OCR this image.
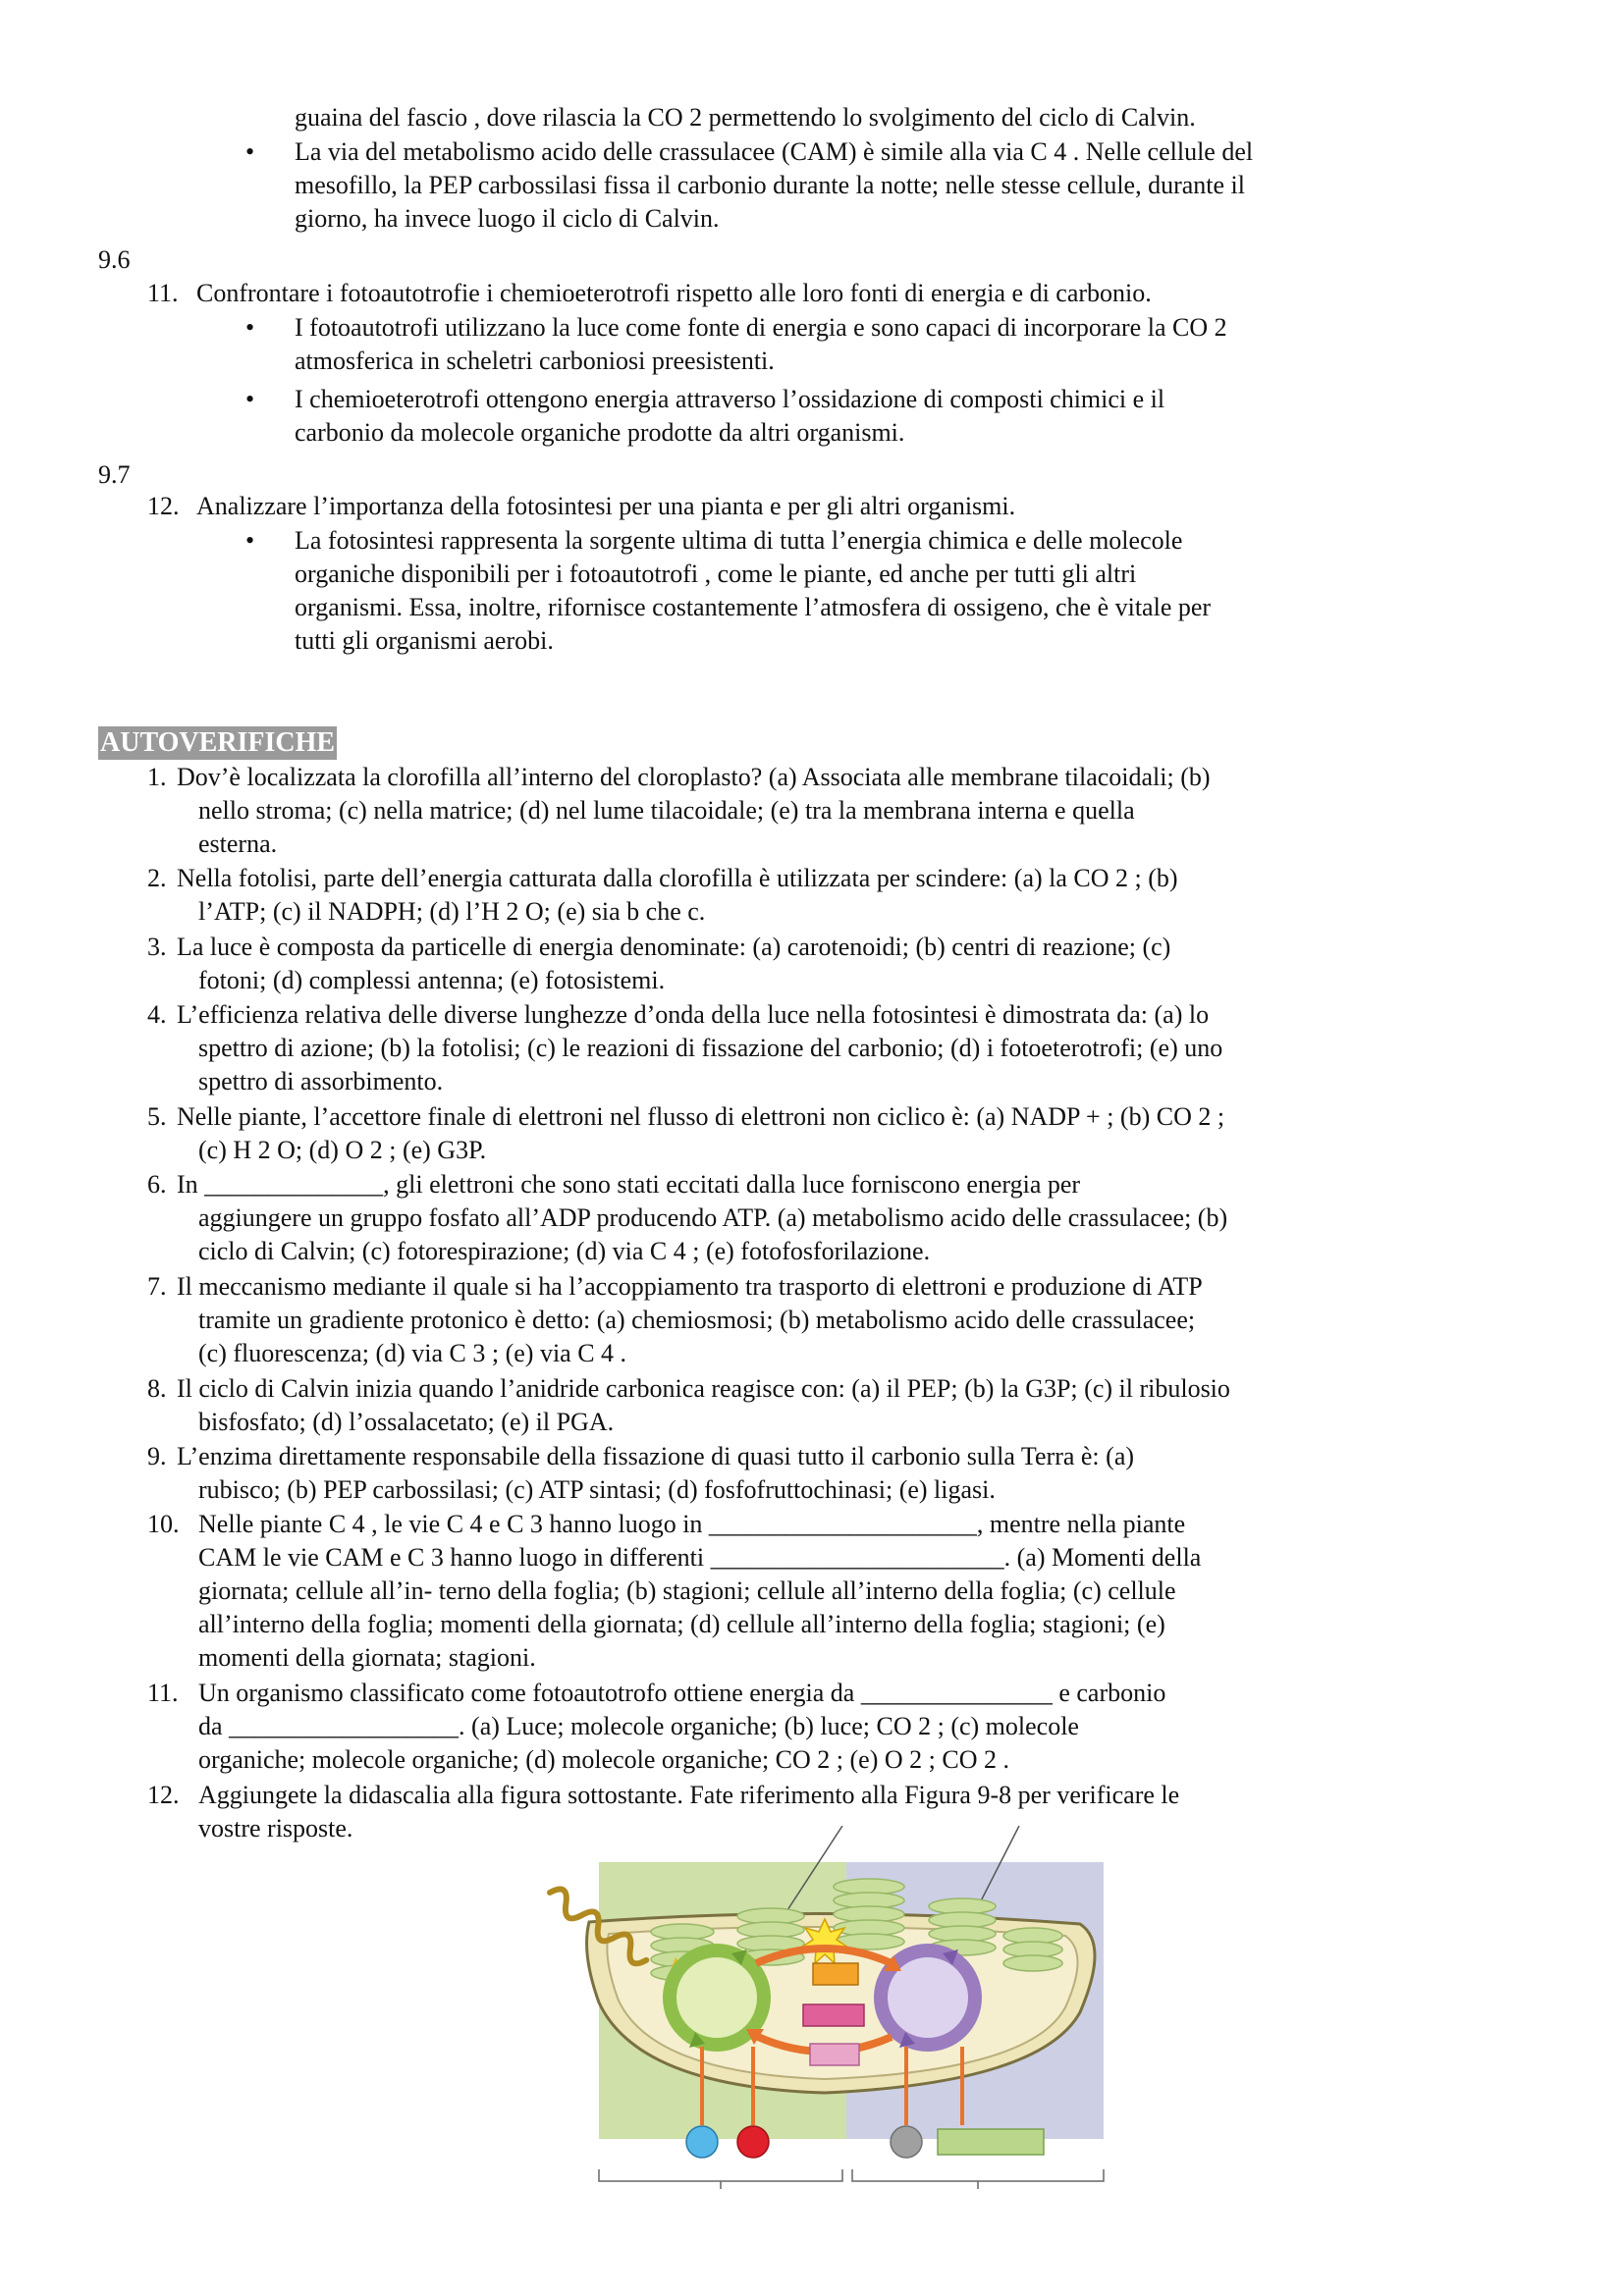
guaina del fascio , dove rilascia la CO 2 permettendo lo svolgimento del ciclo di Calvin.
• La via del metabolismo acido delle crassulacee (CAM) è simile alla via C 4 . Nelle cellule del
mesofillo, la PEP carbossilasi fissa il carbonio durante la notte; nelle stesse cellule, durante il
giorno, ha invece luogo il ciclo di Calvin.
9.6
11. Confrontare i fotoautotrofie i chemioeterotrofi rispetto alle loro fonti di energia e di carbonio.
• I fotoautotrofi utilizzano la luce come fonte di energia e sono capaci di incorporare la CO 2
atmosferica in scheletri carboniosi preesistenti.
• I chemioeterotrofi ottengono energia attraverso l’ossidazione di composti chimici e il
carbonio da molecole organiche prodotte da altri organismi.
9.7
12. Analizzare l’importanza della fotosintesi per una pianta e per gli altri organismi.
• La fotosintesi rappresenta la sorgente ultima di tutta l’energia chimica e delle molecole
organiche disponibili per i fotoautotrofi , come le piante, ed anche per tutti gli altri
organismi. Essa, inoltre, rifornisce costantemente l’atmosfera di ossigeno, che è vitale per
tutti gli organismi aerobi.
AUTOVERIFICHE
1. Dov’è localizzata la clorofilla all’interno del cloroplasto? (a) Associata alle membrane tilacoidali; (b)
nello stroma; (c) nella matrice; (d) nel lume tilacoidale; (e) tra la membrana interna e quella
esterna.
2. Nella fotolisi, parte dell’energia catturata dalla clorofilla è utilizzata per scindere: (a) la CO 2 ; (b)
l’ATP; (c) il NADPH; (d) l’H 2 O; (e) sia b che c.
3. La luce è composta da particelle di energia denominate: (a) carotenoidi; (b) centri di reazione; (c)
fotoni; (d) complessi antenna; (e) fotosistemi.
4. L’efficienza relativa delle diverse lunghezze d’onda della luce nella fotosintesi è dimostrata da: (a) lo
spettro di azione; (b) la fotolisi; (c) le reazioni di fissazione del carbonio; (d) i fotoeterotrofi; (e) uno
spettro di assorbimento.
5. Nelle piante, l’accettore finale di elettroni nel flusso di elettroni non ciclico è: (a) NADP + ; (b) CO 2 ;
(c) H 2 O; (d) O 2 ; (e) G3P.
6. In ______________, gli elettroni che sono stati eccitati dalla luce forniscono energia per
aggiungere un gruppo fosfato all’ADP producendo ATP. (a) metabolismo acido delle crassulacee; (b)
ciclo di Calvin; (c) fotorespirazione; (d) via C 4 ; (e) fotofosforilazione.
7. Il meccanismo mediante il quale si ha l’accoppiamento tra trasporto di elettroni e produzione di ATP
tramite un gradiente protonico è detto: (a) chemiosmosi; (b) metabolismo acido delle crassulacee;
(c) fluorescenza; (d) via C 3 ; (e) via C 4 .
8. Il ciclo di Calvin inizia quando l’anidride carbonica reagisce con: (a) il PEP; (b) la G3P; (c) il ribulosio
bisfosfato; (d) l’ossalacetato; (e) il PGA.
9. L’enzima direttamente responsabile della fissazione di quasi tutto il carbonio sulla Terra è: (a)
rubisco; (b) PEP carbossilasi; (c) ATP sintasi; (d) fosfofruttochinasi; (e) ligasi.
10. Nelle piante C 4 , le vie C 4 e C 3 hanno luogo in _____________________, mentre nella piante
CAM le vie CAM e C 3 hanno luogo in differenti _______________________. (a) Momenti della
giornata; cellule all’in- terno della foglia; (b) stagioni; cellule all’interno della foglia; (c) cellule
all’interno della foglia; momenti della giornata; (d) cellule all’interno della foglia; stagioni; (e)
momenti della giornata; stagioni.
11. Un organismo classificato come fotoautotrofo ottiene energia da _______________ e carbonio
da __________________. (a) Luce; molecole organiche; (b) luce; CO 2 ; (c) molecole
organiche; molecole organiche; (d) molecole organiche; CO 2 ; (e) O 2 ; CO 2 .
12. Aggiungete la didascalia alla figura sottostante. Fate riferimento alla Figura 9-8 per verificare le
vostre risposte.
